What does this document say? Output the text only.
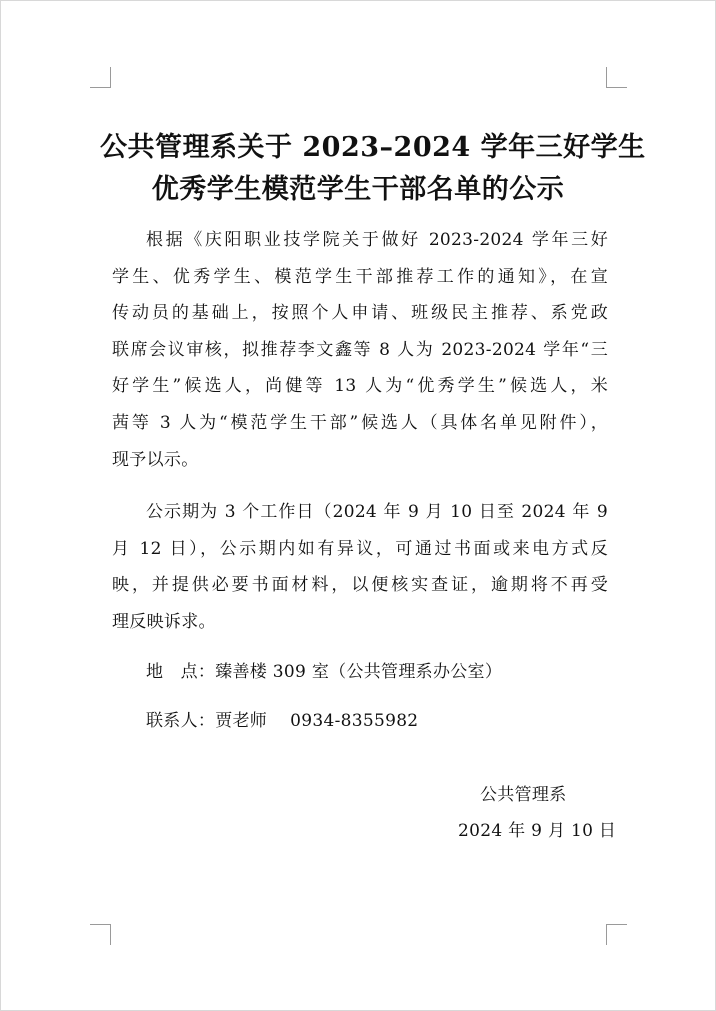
公共管理系关于 2023–2024 学年三好学生
优秀学生模范学生干部名单的公示
根据《庆阳职业技学院关于做好 2023-2024 学年三好
学生、优秀学生、模范学生干部推荐工作的通知》，在宣
传动员的基础上，按照个人申请、班级民主推荐、系党政
联席会议审核，拟推荐李文鑫等 8 人为 2023-2024 学年“三
好学生”候选人，尚健等 13 人为“优秀学生”候选人，米
茜等 3 人为“模范学生干部”候选人（具体名单见附件），
现予以示。
公示期为 3 个工作日（2024 年 9 月 10 日至 2024 年 9
月 12 日），公示期内如有异议，可通过书面或来电方式反
映，并提供必要书面材料，以便核实查证，逾期将不再受
理反映诉求。
地　点：臻善楼 309 室（公共管理系办公室）
联系人：贾老师　 0934-8355982
公共管理系
2024 年 9 月 10 日
